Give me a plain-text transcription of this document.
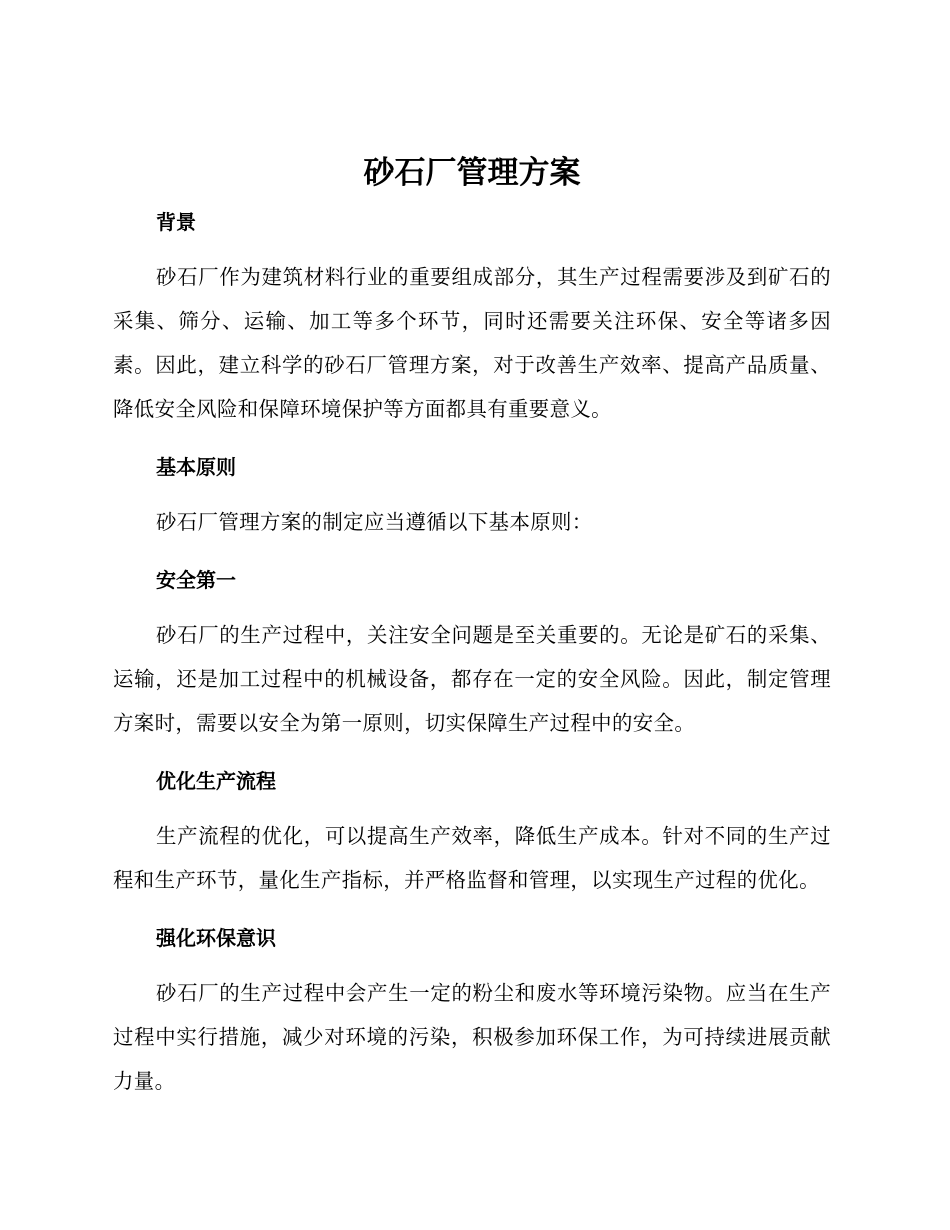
砂石厂管理方案
背景

砂石厂作为建筑材料行业的重要组成部分，其生产过程需要涉及到矿石的采集、筛分、运输、加工等多个环节，同时还需要关注环保、安全等诸多因素。因此，建立科学的砂石厂管理方案，对于改善生产效率、提高产品质量、降低安全风险和保障环境保护等方面都具有重要意义。

基本原则

砂石厂管理方案的制定应当遵循以下基本原则：

安全第一

砂石厂的生产过程中，关注安全问题是至关重要的。无论是矿石的采集、运输，还是加工过程中的机械设备，都存在一定的安全风险。因此，制定管理方案时，需要以安全为第一原则，切实保障生产过程中的安全。

优化生产流程

生产流程的优化，可以提高生产效率，降低生产成本。针对不同的生产过程和生产环节，量化生产指标，并严格监督和管理，以实现生产过程的优化。

强化环保意识

砂石厂的生产过程中会产生一定的粉尘和废水等环境污染物。应当在生产过程中实行措施，减少对环境的污染，积极参加环保工作，为可持续进展贡献力量。
